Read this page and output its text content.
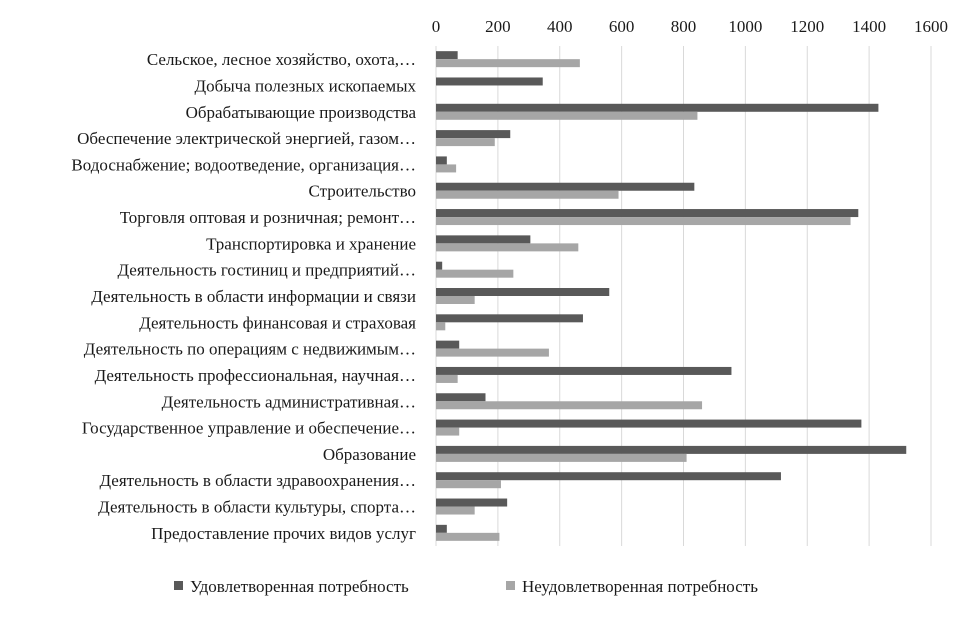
0	200 400 600 800 1000 1200 1400 1600
Сельское, лесное хозяйство, охота,…
Добыча полезных ископаемых
Обрабатывающие производства
Обеспечение электрической энергией, газом…
Водоснабжение; водоотведение, организация…
Строительство
Торговля оптовая и розничная; ремонт…
Транспортировка и хранение
Деятельность гостиниц и предприятий…
Деятельность в области информации и связи
Деятельность финансовая и страховая
Деятельность по операциям с недвижимым…
Деятельность профессиональная, научная…
Деятельность административная…
Государственное управление и обеспечение…
Образование
Деятельность в области здравоохранения…
Деятельность в области культуры, спорта…
Предоставление прочих видов услуг
Удовлетворенная потребность	Неудовлетворенная потребность
